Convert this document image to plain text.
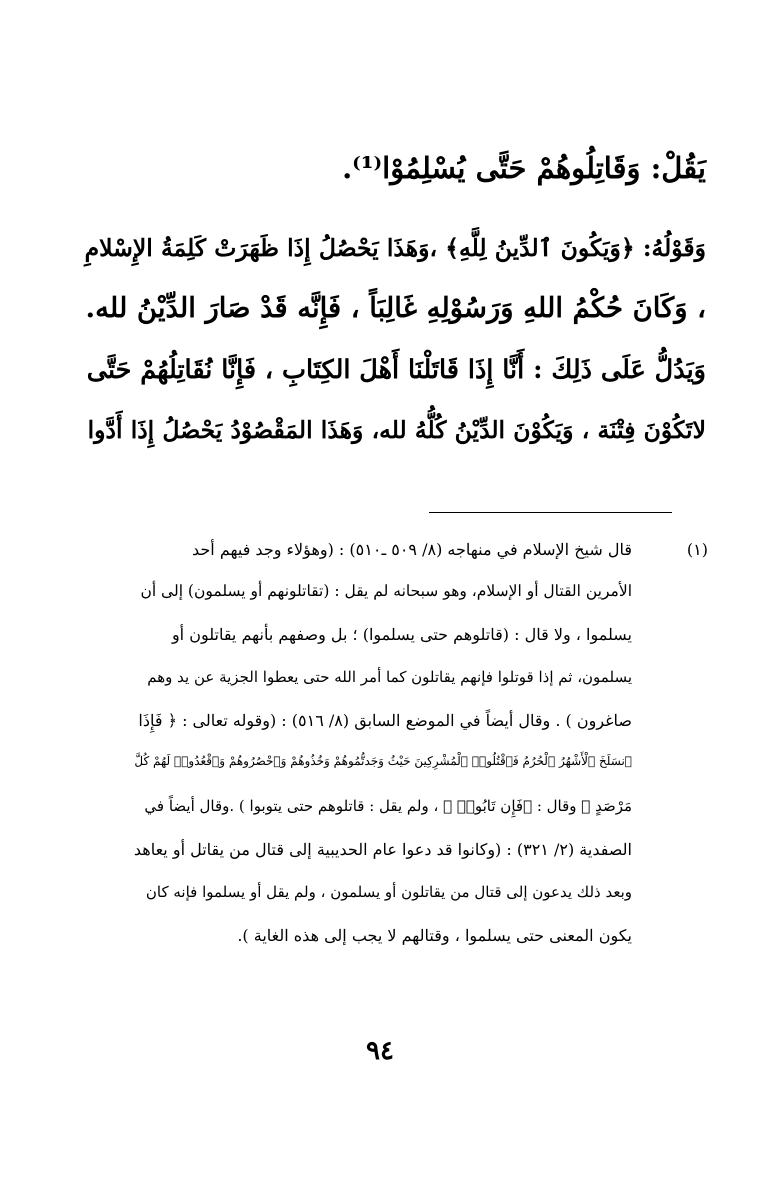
يَقُلْ: وَقَاتِلُوهُمْ حَتَّى يُسْلِمُوْا⁽¹⁾.
وَقَوْلُهُ: ﴿وَيَكُونَ ٱلدِّينُ لِلَّهِ﴾ ،وَهَذَا يَحْصُلُ إِذَا ظَهَرَتْ كَلِمَةُ الإِسْلامِ
، وَكَانَ حُكْمُ اللهِ وَرَسُوْلِهِ غَالِبَاً ، فَإِنَّه قَدْ صَارَ الدِّيْنُ لله.
وَيَدُلُّ عَلَى ذَلِكَ : أَنَّا إِذَا قَاتَلْنَا أَهْلَ الكِتَابِ ، فَإِنَّا نُقَاتِلُهُمْ حَتَّى
لاتَكُوْنَ فِتْنَة ، وَيَكُوْنَ الدِّيْنُ كُلُّهُ لله، وَهَذَا المَقْصُوْدُ يَحْصُلُ إِذَا أَدَّوا
(١)
قال شيخ الإسلام في منهاجه (٨/ ٥٠٩ ـ٥١٠) : (وهؤلاء وجد فيهم أحد
الأمرين القتال أو الإسلام، وهو سبحانه لم يقل : (تقاتلونهم أو يسلمون) إلى أن
يسلموا ، ولا قال : (قاتلوهم حتى يسلموا) ؛ بل وصفهم بأنهم يقاتلون أو
يسلمون، ثم إذا قوتلوا فإنهم يقاتلون كما أمر الله حتى يعطوا الجزية عن يد وهم
صاغرون ) . وقال أيضاً في الموضع السابق (٨/ ٥١٦) : (وقوله تعالى : ﴿ فَإِذَا
ٱنسَلَخَ ٱلْأَشْهُرُ ٱلْحُرُمُ فَٱقْتُلُوا۟ ٱلْمُشْرِكِينَ حَيْثُ وَجَدتُّمُوهُمْ وَخُذُوهُمْ وَٱحْصُرُوهُمْ وَٱقْعُدُوا۟ لَهُمْ كُلَّ
مَرْصَدٍ ﴾ وقال : ﴿فَإِن تَابُوا۟ ﴾ ، ولم يقل : قاتلوهم حتى يتوبوا ) .وقال أيضاً في
الصفدية (٢/ ٣٢١) : (وكانوا قد دعوا عام الحديبية إلى قتال من يقاتل أو يعاهد
وبعد ذلك يدعون إلى قتال من يقاتلون أو يسلمون ، ولم يقل أو يسلموا فإنه كان
يكون المعنى حتى يسلموا ، وقتالهم لا يجب إلى هذه الغاية ).
٩٤
